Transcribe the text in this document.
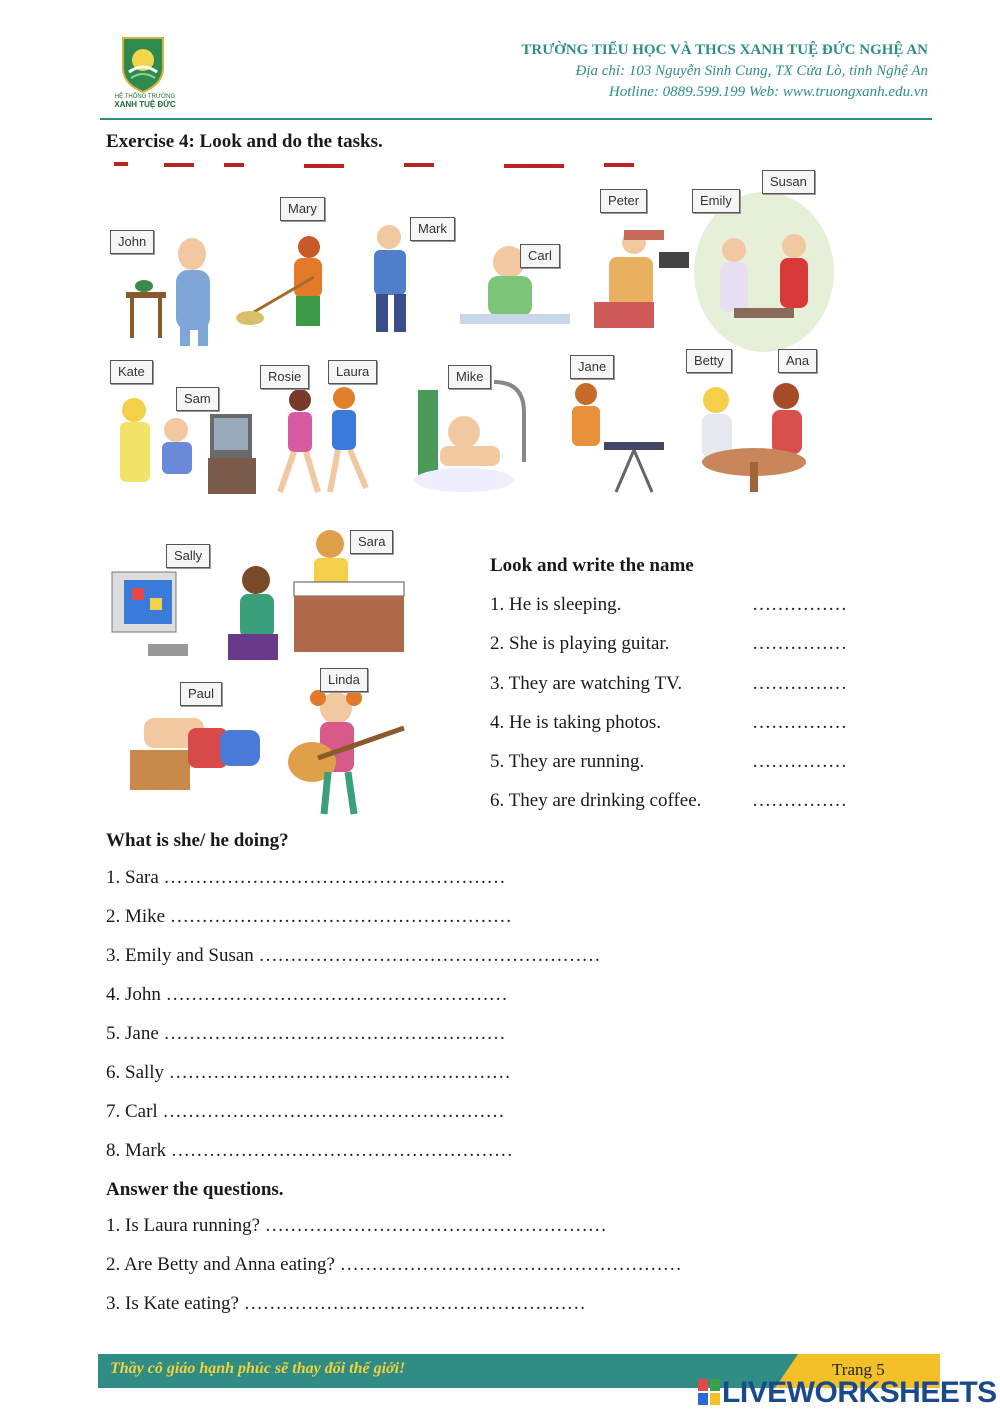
HỆ THỐNG TRƯỜNG
XANH TUỆ ĐỨC
TRƯỜNG TIỂU HỌC VÀ THCS XANH TUỆ ĐỨC NGHỆ AN
Địa chỉ: 103 Nguyễn Sinh Cung, TX Cửa Lò, tỉnh Nghệ An
Hotline: 0889.599.199 Web: www.truongxanh.edu.vn
Exercise 4: Look and do the tasks.
John
Mary
Mark
Carl
Peter	Emily
Susan
Kate
Sam
Rosie	Laura	Mike
Jane	Betty	Ana
Sally
Sara
Paul
Linda
Look and write the name
1. He is sleeping.	……………
2. She is playing guitar.	……………
3. They are watching TV.	……………
4. He is taking photos.	……………
5. They are running.	……………
6. They are drinking coffee.	……………
What is she/ he doing?
1. Sara ………………………………………………
2. Mike ………………………………………………
3. Emily and Susan ………………………………………………
4. John ………………………………………………
5. Jane ………………………………………………
6. Sally ………………………………………………
7. Carl ………………………………………………
8. Mark ………………………………………………
Answer the questions.
1. Is Laura running? ………………………………………………
2. Are Betty and Anna eating? ………………………………………………
3. Is Kate eating? ………………………………………………
Thầy cô giáo hạnh phúc sẽ thay đổi thế giới!	Trang 5
LIVEWORKSHEETS
